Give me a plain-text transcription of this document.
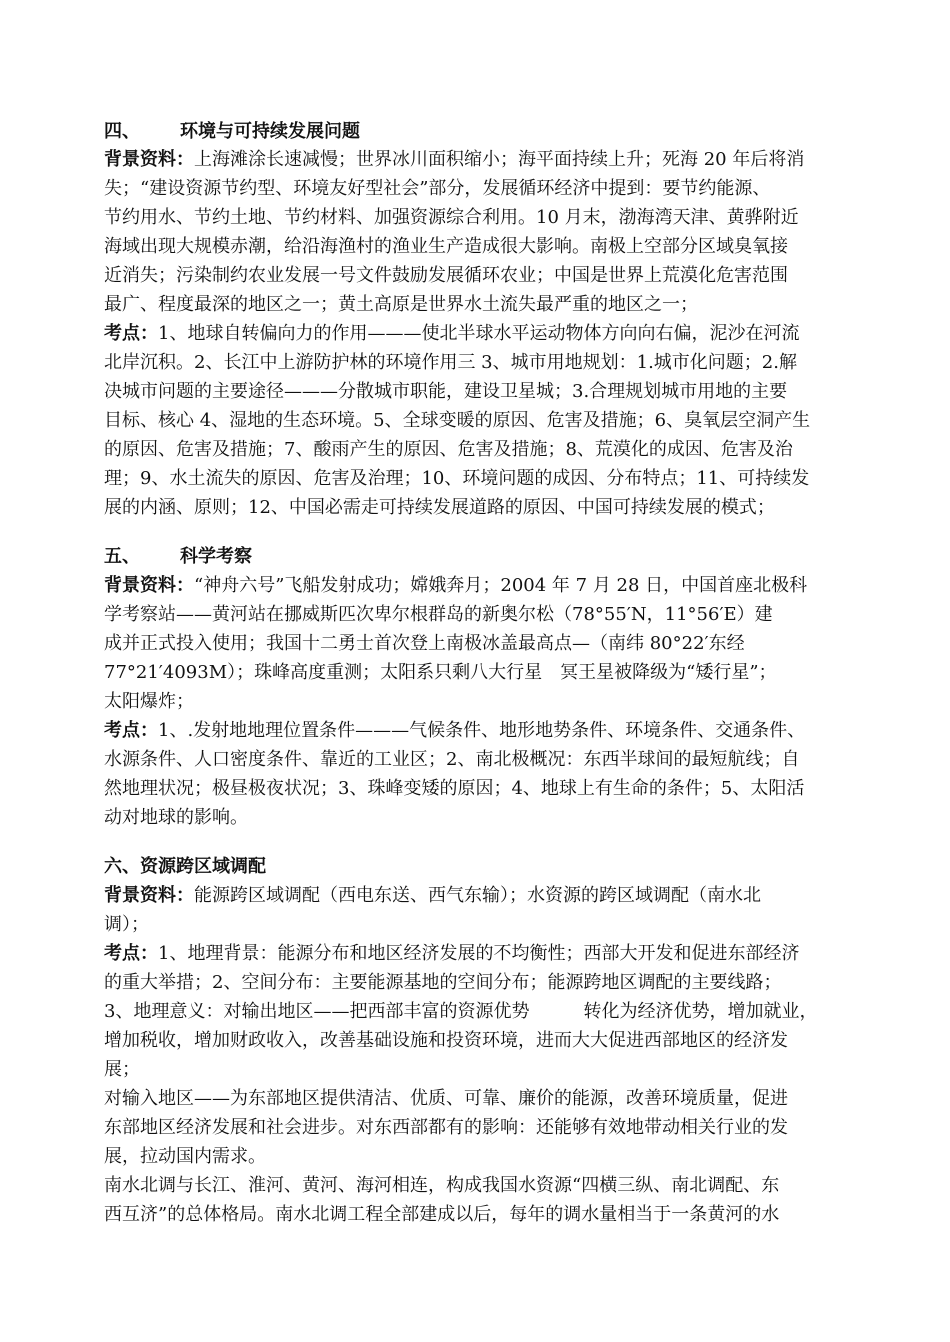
四、 环境与可持续发展问题
背景资料：上海滩涂长速减慢；世界冰川面积缩小；海平面持续上升；死海 20 年后将消
失；“建设资源节约型、环境友好型社会”部分，发展循环经济中提到：要节约能源、
节约用水、节约土地、节约材料、加强资源综合利用。10 月末，渤海湾天津、黄骅附近
海域出现大规模赤潮，给沿海渔村的渔业生产造成很大影响。南极上空部分区域臭氧接
近消失；污染制约农业发展一号文件鼓励发展循环农业；中国是世界上荒漠化危害范围
最广、程度最深的地区之一；黄土高原是世界水土流失最严重的地区之一；
考点：1、地球自转偏向力的作用———使北半球水平运动物体方向向右偏，泥沙在河流
北岸沉积。2、长江中上游防护林的环境作用三 3、城市用地规划：1.城市化问题；2.解
决城市问题的主要途径———分散城市职能，建设卫星城；3.合理规划城市用地的主要
目标、核心 4、湿地的生态环境。5、全球变暖的原因、危害及措施；6、臭氧层空洞产生
的原因、危害及措施；7、酸雨产生的原因、危害及措施；8、荒漠化的成因、危害及治
理；9、水土流失的原因、危害及治理；10、环境问题的成因、分布特点；11、可持续发
展的内涵、原则；12、中国必需走可持续发展道路的原因、中国可持续发展的模式；
五、 科学考察
背景资料：“神舟六号”飞船发射成功；嫦娥奔月；2004 年 7 月 28 日，中国首座北极科
学考察站——黄河站在挪威斯匹次卑尔根群岛的新奥尔松（78°55′N，11°56′E）建
成并正式投入使用；我国十二勇士首次登上南极冰盖最高点—（南纬 80°22′东经
77°21′4093M）；珠峰高度重测；太阳系只剩八大行星　冥王星被降级为“矮行星”；
太阳爆炸；
考点：1、.发射地地理位置条件———气候条件、地形地势条件、环境条件、交通条件、
水源条件、人口密度条件、靠近的工业区；2、南北极概况：东西半球间的最短航线；自
然地理状况；极昼极夜状况；3、珠峰变矮的原因；4、地球上有生命的条件；5、太阳活
动对地球的影响。
六、资源跨区域调配
背景资料：能源跨区域调配（西电东送、西气东输）；水资源的跨区域调配（南水北
调）；
考点：1、地理背景：能源分布和地区经济发展的不均衡性；西部大开发和促进东部经济
的重大举措；2、空间分布：主要能源基地的空间分布；能源跨地区调配的主要线路；
3、地理意义：对输出地区——把西部丰富的资源优势　　　转化为经济优势，增加就业，
增加税收，增加财政收入，改善基础设施和投资环境，进而大大促进西部地区的经济发
展；
对输入地区——为东部地区提供清洁、优质、可靠、廉价的能源，改善环境质量，促进
东部地区经济发展和社会进步。对东西部都有的影响：还能够有效地带动相关行业的发
展，拉动国内需求。
南水北调与长江、淮河、黄河、海河相连，构成我国水资源“四横三纵、南北调配、东
西互济”的总体格局。南水北调工程全部建成以后，每年的调水量相当于一条黄河的水
